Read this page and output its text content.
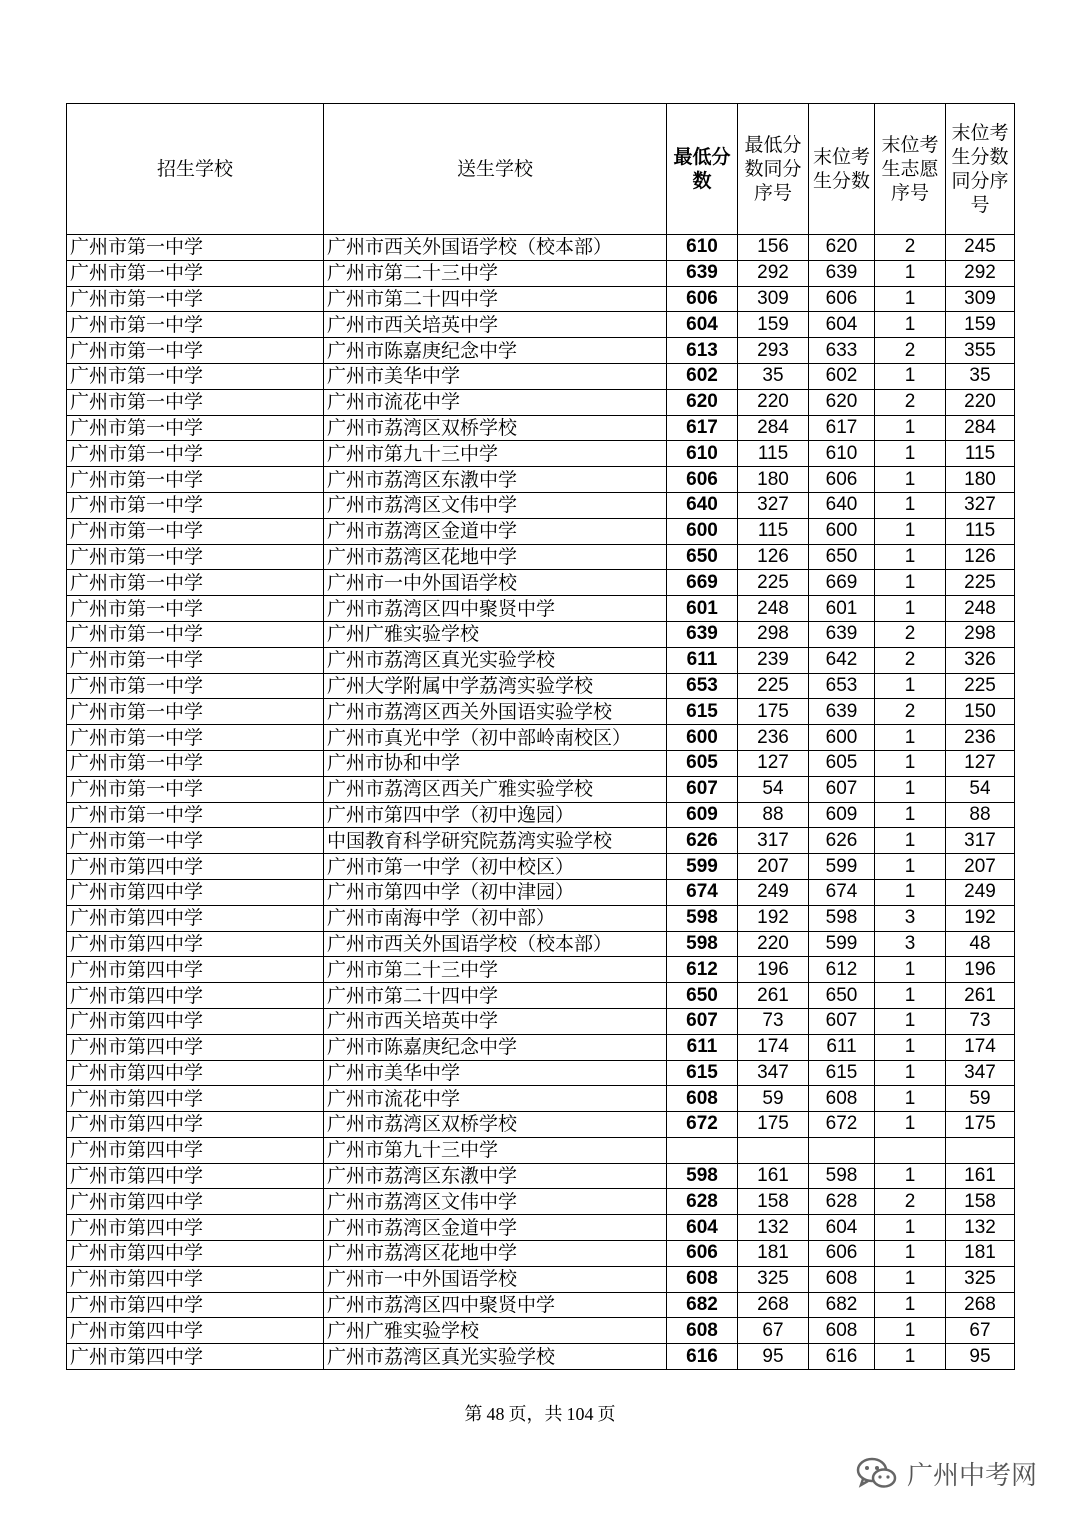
招生学校	送生学校	最低分数	最低分数同分序号	末位考生分数	末位考生志愿序号	末位考生分数同分序号
广州市第一中学	广州市西关外国语学校（校本部）	610	156	620	2	245
广州市第一中学	广州市第二十三中学	639	292	639	1	292
广州市第一中学	广州市第二十四中学	606	309	606	1	309
广州市第一中学	广州市西关培英中学	604	159	604	1	159
广州市第一中学	广州市陈嘉庚纪念中学	613	293	633	2	355
广州市第一中学	广州市美华中学	602	35	602	1	35
广州市第一中学	广州市流花中学	620	220	620	2	220
广州市第一中学	广州市荔湾区双桥学校	617	284	617	1	284
广州市第一中学	广州市第九十三中学	610	115	610	1	115
广州市第一中学	广州市荔湾区东漖中学	606	180	606	1	180
广州市第一中学	广州市荔湾区文伟中学	640	327	640	1	327
广州市第一中学	广州市荔湾区金道中学	600	115	600	1	115
广州市第一中学	广州市荔湾区花地中学	650	126	650	1	126
广州市第一中学	广州市一中外国语学校	669	225	669	1	225
广州市第一中学	广州市荔湾区四中聚贤中学	601	248	601	1	248
广州市第一中学	广州广雅实验学校	639	298	639	2	298
广州市第一中学	广州市荔湾区真光实验学校	611	239	642	2	326
广州市第一中学	广州大学附属中学荔湾实验学校	653	225	653	1	225
广州市第一中学	广州市荔湾区西关外国语实验学校	615	175	639	2	150
广州市第一中学	广州市真光中学（初中部岭南校区）	600	236	600	1	236
广州市第一中学	广州市协和中学	605	127	605	1	127
广州市第一中学	广州市荔湾区西关广雅实验学校	607	54	607	1	54
广州市第一中学	广州市第四中学（初中逸园）	609	88	609	1	88
广州市第一中学	中国教育科学研究院荔湾实验学校	626	317	626	1	317
广州市第四中学	广州市第一中学（初中校区）	599	207	599	1	207
广州市第四中学	广州市第四中学（初中津园）	674	249	674	1	249
广州市第四中学	广州市南海中学（初中部）	598	192	598	3	192
广州市第四中学	广州市西关外国语学校（校本部）	598	220	599	3	48
广州市第四中学	广州市第二十三中学	612	196	612	1	196
广州市第四中学	广州市第二十四中学	650	261	650	1	261
广州市第四中学	广州市西关培英中学	607	73	607	1	73
广州市第四中学	广州市陈嘉庚纪念中学	611	174	611	1	174
广州市第四中学	广州市美华中学	615	347	615	1	347
广州市第四中学	广州市流花中学	608	59	608	1	59
广州市第四中学	广州市荔湾区双桥学校	672	175	672	1	175
广州市第四中学	广州市第九十三中学					
广州市第四中学	广州市荔湾区东漖中学	598	161	598	1	161
广州市第四中学	广州市荔湾区文伟中学	628	158	628	2	158
广州市第四中学	广州市荔湾区金道中学	604	132	604	1	132
广州市第四中学	广州市荔湾区花地中学	606	181	606	1	181
广州市第四中学	广州市一中外国语学校	608	325	608	1	325
广州市第四中学	广州市荔湾区四中聚贤中学	682	268	682	1	268
广州市第四中学	广州广雅实验学校	608	67	608	1	67
广州市第四中学	广州市荔湾区真光实验学校	616	95	616	1	95
第 48 页，共 104 页
广州中考网
